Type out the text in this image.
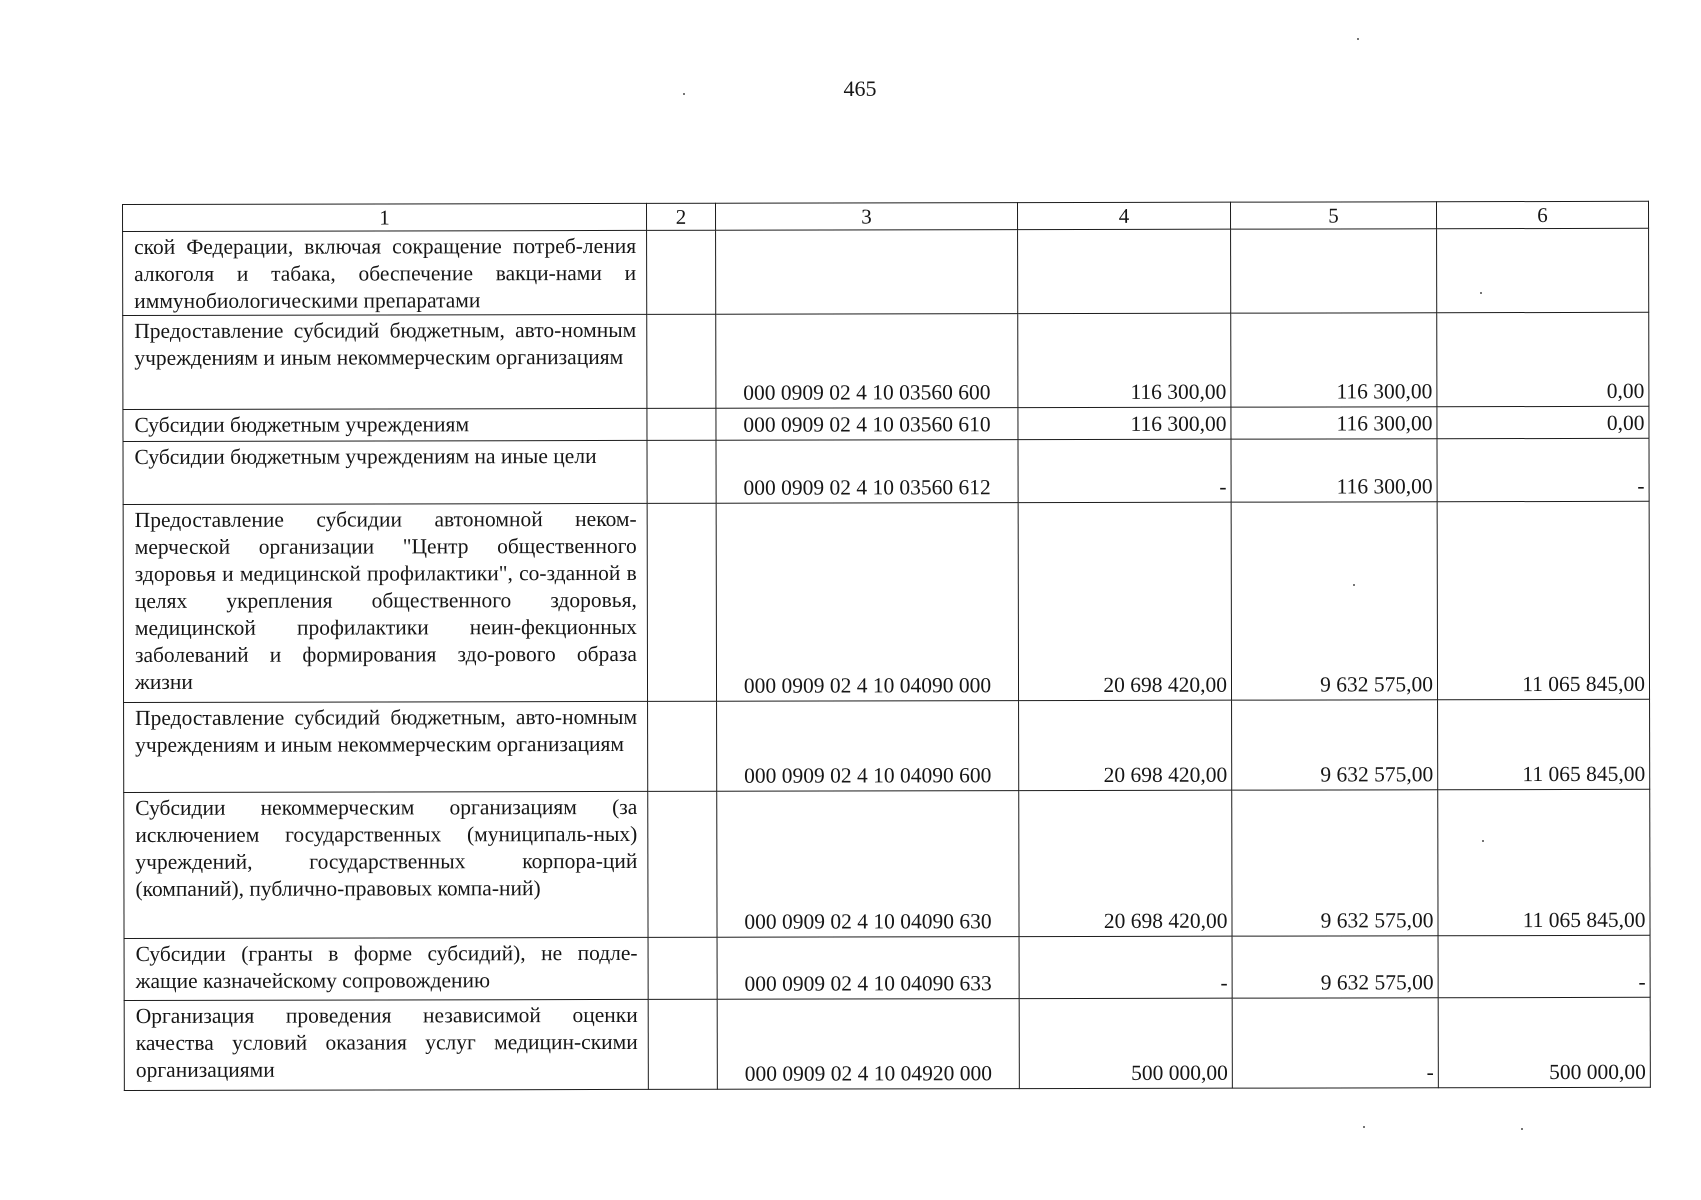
465
1	2	3	4	5	6
ской Федерации, включая сокращение потреб-ления алкоголя и табака, обеспечение вакци-нами и иммунобиологическими препаратами					
Предоставление субсидий бюджетным, авто-номным учреждениям и иным некоммерческим организациям		000 0909 02 4 10 03560 600	116 300,00	116 300,00	0,00
Субсидии бюджетным учреждениям		000 0909 02 4 10 03560 610	116 300,00	116 300,00	0,00
Субсидии бюджетным учреждениям на иные цели		000 0909 02 4 10 03560 612	-	116 300,00	-
Предоставление субсидии автономной неком-мерческой организации "Центр общественного здоровья и медицинской профилактики", со-зданной в целях укрепления общественного здоровья, медицинской профилактики неин-фекционных заболеваний и формирования здо-рового образа жизни		000 0909 02 4 10 04090 000	20 698 420,00	9 632 575,00	11 065 845,00
Предоставление субсидий бюджетным, авто-номным учреждениям и иным некоммерческим организациям		000 0909 02 4 10 04090 600	20 698 420,00	9 632 575,00	11 065 845,00
Субсидии некоммерческим организациям (за исключением государственных (муниципаль-ных) учреждений, государственных корпора-ций (компаний), публично-правовых компа-ний)		000 0909 02 4 10 04090 630	20 698 420,00	9 632 575,00	11 065 845,00
Субсидии (гранты в форме субсидий), не подле-жащие казначейскому сопровождению		000 0909 02 4 10 04090 633	-	9 632 575,00	-
Организация проведения независимой оценки качества условий оказания услуг медицин-скими организациями		000 0909 02 4 10 04920 000	500 000,00	-	500 000,00
